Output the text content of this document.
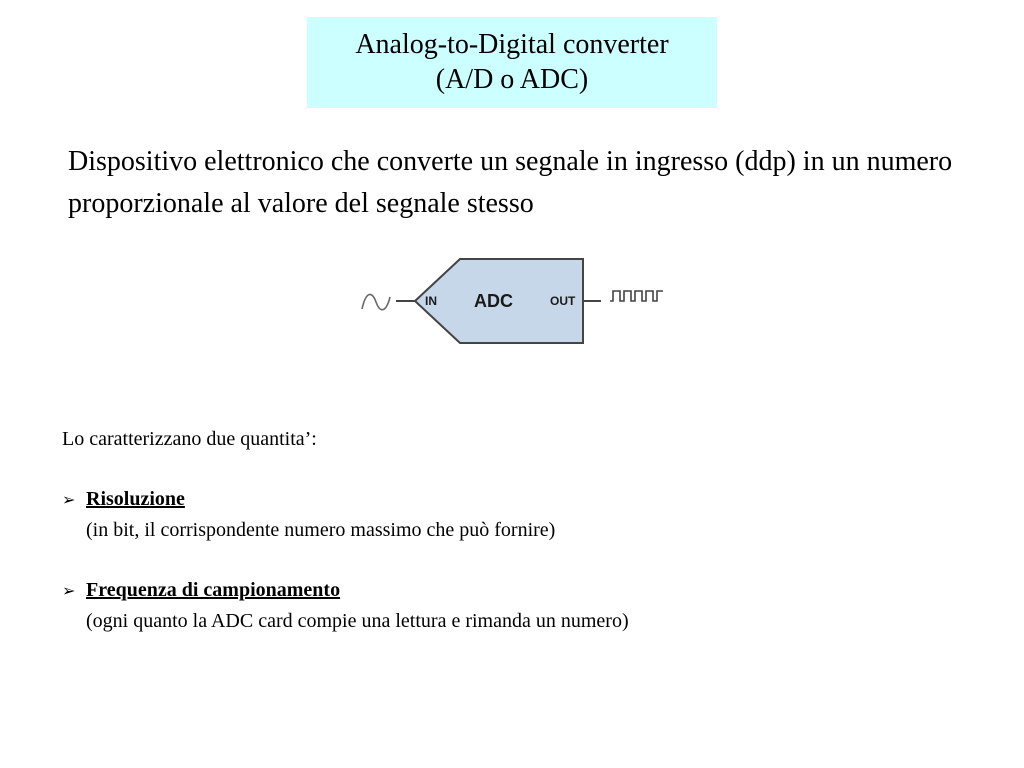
Analog-to-Digital converter
(A/D o ADC)
Dispositivo elettronico che converte un segnale in ingresso (ddp) in un numero proporzionale al valore del segnale stesso
IN ADC	OUT

Lo caratterizzano due quantita’:

➢ Risoluzione

(in bit, il corrispondente numero massimo che può fornire)

➢ Frequenza di campionamento

(ogni quanto la ADC card compie una lettura e rimanda un numero)
